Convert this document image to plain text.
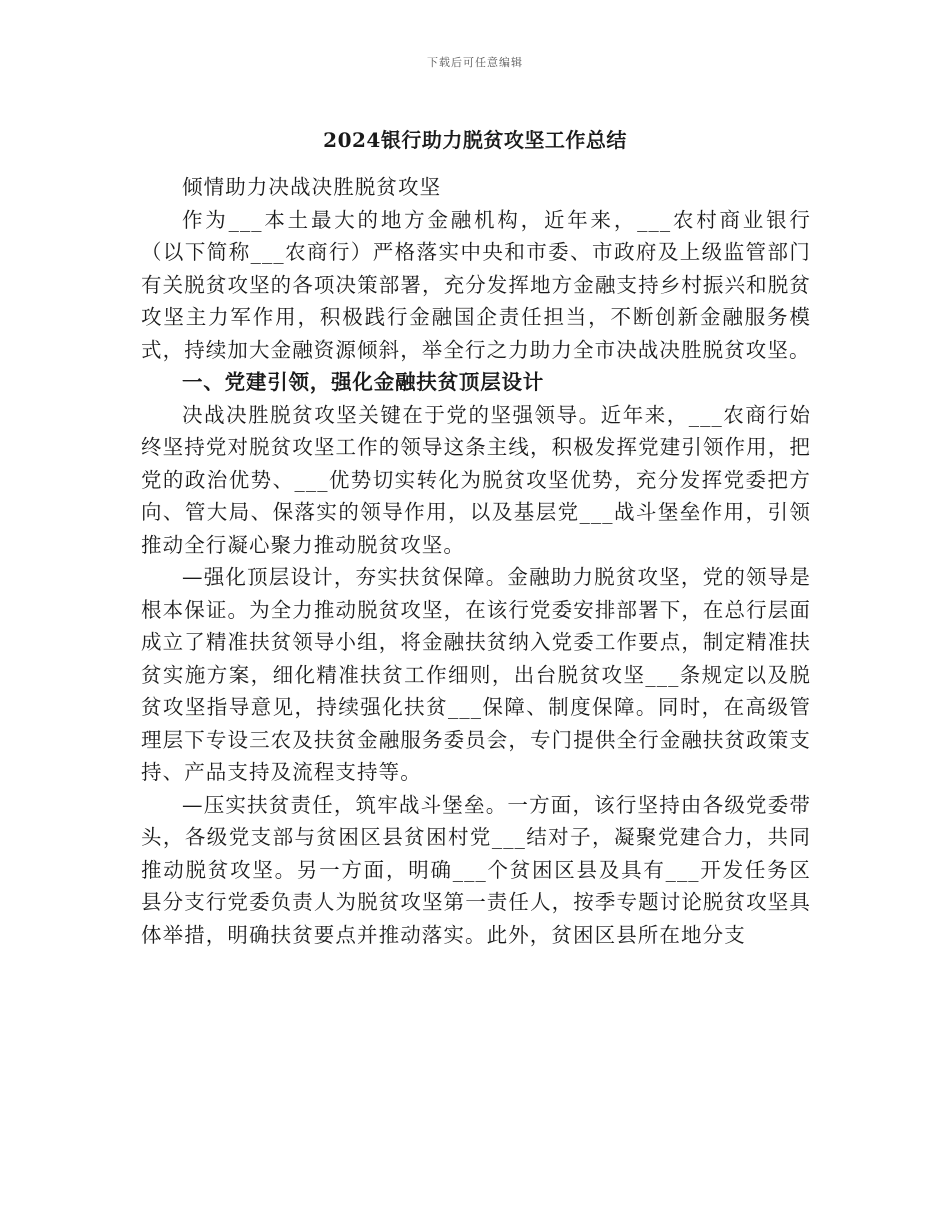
下载后可任意编辑
2024银行助力脱贫攻坚工作总结

倾情助力决战决胜脱贫攻坚

作为___本土最大的地方金融机构，近年来，___农村商业银行（以下简称___农商行）严格落实中央和市委、市政府及上级监管部门有关脱贫攻坚的各项决策部署，充分发挥地方金融支持乡村振兴和脱贫攻坚主力军作用，积极践行金融国企责任担当，不断创新金融服务模式，持续加大金融资源倾斜，举全行之力助力全市决战决胜脱贫攻坚。

一、党建引领，强化金融扶贫顶层设计

决战决胜脱贫攻坚关键在于党的坚强领导。近年来，___农商行始终坚持党对脱贫攻坚工作的领导这条主线，积极发挥党建引领作用，把党的政治优势、___优势切实转化为脱贫攻坚优势，充分发挥党委把方向、管大局、保落实的领导作用，以及基层党___战斗堡垒作用，引领推动全行凝心聚力推动脱贫攻坚。

—强化顶层设计，夯实扶贫保障。金融助力脱贫攻坚，党的领导是根本保证。为全力推动脱贫攻坚，在该行党委安排部署下，在总行层面成立了精准扶贫领导小组，将金融扶贫纳入党委工作要点，制定精准扶贫实施方案，细化精准扶贫工作细则，出台脱贫攻坚___条规定以及脱贫攻坚指导意见，持续强化扶贫___保障、制度保障。同时，在高级管理层下专设三农及扶贫金融服务委员会，专门提供全行金融扶贫政策支持、产品支持及流程支持等。

—压实扶贫责任，筑牢战斗堡垒。一方面，该行坚持由各级党委带头，各级党支部与贫困区县贫困村党___结对子，凝聚党建合力，共同推动脱贫攻坚。另一方面，明确___个贫困区县及具有___开发任务区县分支行党委负责人为脱贫攻坚第一责任人，按季专题讨论脱贫攻坚具体举措，明确扶贫要点并推动落实。此外，贫困区县所在地分支
